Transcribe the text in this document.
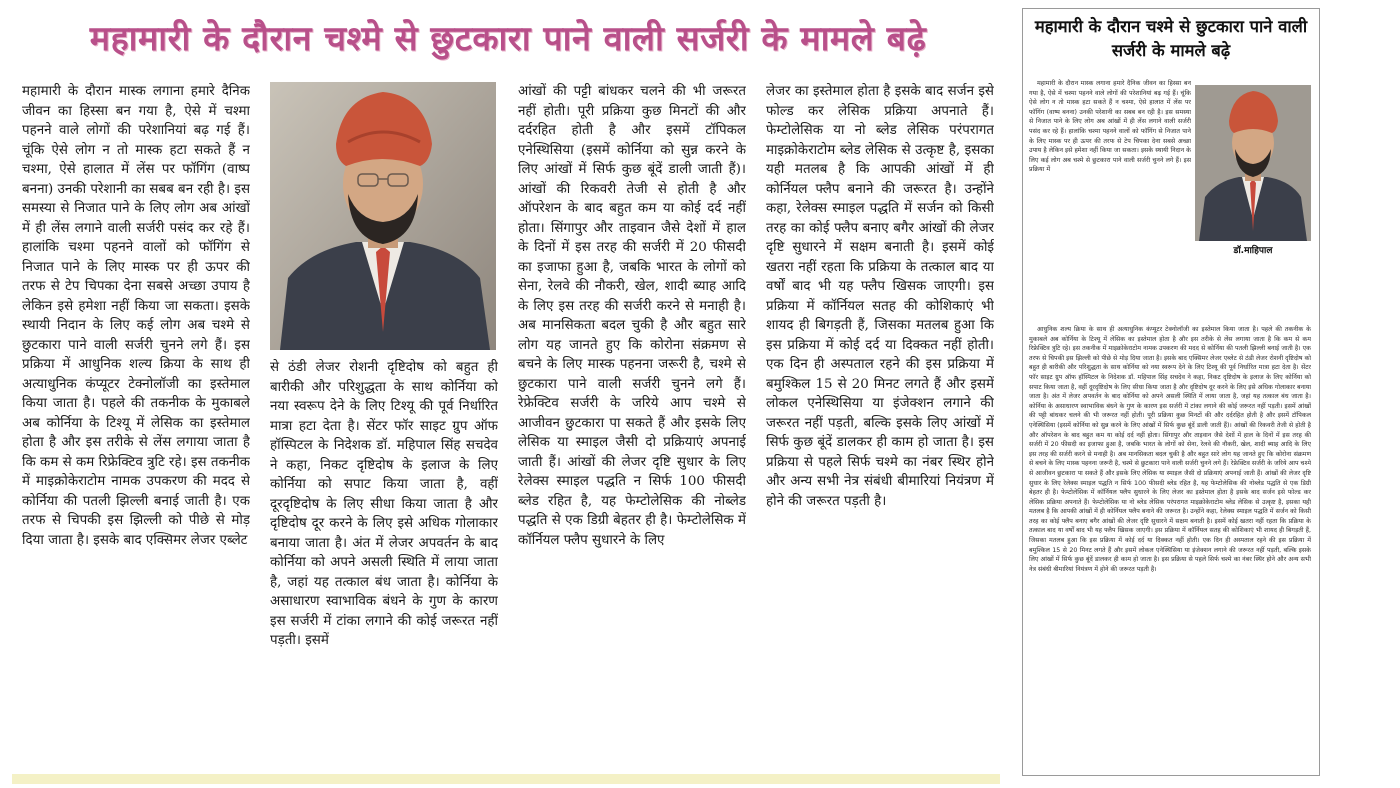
महामारी के दौरान चश्मे से छुटकारा पाने वाली सर्जरी के मामले बढ़े

महामारी के दौरान मास्क लगाना हमारे दैनिक जीवन का हिस्सा बन गया है, ऐसे में चश्मा पहनने वाले लोगों की परेशानियां बढ़ गई हैं। चूंकि ऐसे लोग न तो मास्क हटा सकते हैं न चश्मा, ऐसे हालात में लेंस पर फॉगिंग (वाष्प बनना) उनकी परेशानी का सबब बन रही है। इस समस्या से निजात पाने के लिए लोग अब आंखों में ही लेंस लगाने वाली सर्जरी पसंद कर रहे हैं। हालांकि चश्मा पहनने वालों को फॉगिंग से निजात पाने के लिए मास्क पर ही ऊपर की तरफ से टेप चिपका देना सबसे अच्छा उपाय है लेकिन इसे हमेशा नहीं किया जा सकता। इसके स्थायी निदान के लिए कई लोग अब चश्मे से छुटकारा पाने वाली सर्जरी चुनने लगे हैं। इस प्रक्रिया में आधुनिक शल्य क्रिया के साथ ही अत्याधुनिक कंप्यूटर टेक्नोलॉजी का इस्तेमाल किया जाता है। पहले की तकनीक के मुकाबले अब कोर्निया के टिश्यू में लेसिक का इस्तेमाल होता है और इस तरीके से लेंस लगाया जाता है कि कम से कम रिफ्रेक्टिव त्रुटि रहे। इस तकनीक में माइक्रोकेराटोम नामक उपकरण की मदद से कोर्निया की पतली झिल्ली बनाई जाती है। एक तरफ से चिपकी इस झिल्ली को पीछे से मोड़ दिया जाता है। इसके बाद एक्सिमर लेजर एब्लेट

से ठंडी लेजर रोशनी दृष्टिदोष को बहुत ही बारीकी और परिशुद्धता के साथ कोर्निया को नया स्वरूप देने के लिए टिश्यू की पूर्व निर्धारित मात्रा हटा देता है। सेंटर फॉर साइट ग्रुप ऑफ हॉस्पिटल के निदेशक डॉ. महिपाल सिंह सचदेव ने कहा, निकट दृष्टिदोष के इलाज के लिए कोर्निया को सपाट किया जाता है, वहीं दूरदृष्टिदोष के लिए सीधा किया जाता है और दृष्टिदोष दूर करने के लिए इसे अधिक गोलाकार बनाया जाता है। अंत में लेजर अपवर्तन के बाद कोर्निया को अपने असली स्थिति में लाया जाता है, जहां यह तत्काल बंध जाता है। कोर्निया के असाधारण स्वाभाविक बंधने के गुण के कारण इस सर्जरी में टांका लगाने की कोई जरूरत नहीं पड़ती। इसमें

आंखों की पट्टी बांधकर चलने की भी जरूरत नहीं होती। पूरी प्रक्रिया कुछ मिनटों की और दर्दरहित होती है और इसमें टॉपिकल एनेस्थिसिया (इसमें कोर्निया को सुन्न करने के लिए आंखों में सिर्फ कुछ बूंदें डाली जाती हैं)। आंखों की रिकवरी तेजी से होती है और ऑपरेशन के बाद बहुत कम या कोई दर्द नहीं होता। सिंगापुर और ताइवान जैसे देशों में हाल के दिनों में इस तरह की सर्जरी में 20 फीसदी का इजाफा हुआ है, जबकि भारत के लोगों को सेना, रेलवे की नौकरी, खेल, शादी ब्याह आदि के लिए इस तरह की सर्जरी करने से मनाही है। अब मानसिकता बदल चुकी है और बहुत सारे लोग यह जानते हुए कि कोरोना संक्रमण से बचने के लिए मास्क पहनना जरूरी है, चश्मे से छुटकारा पाने वाली सर्जरी चुनने लगे हैं। रेफ्रेक्टिव सर्जरी के जरिये आप चश्मे से आजीवन छुटकारा पा सकते हैं और इसके लिए लेसिक या स्माइल जैसी दो प्रक्रियाएं अपनाई जाती हैं। आंखों की लेजर दृष्टि सुधार के लिए रेलेक्स स्माइल पद्धति न सिर्फ 100 फीसदी ब्लेड रहित है, यह फेम्टोलेसिक की नोब्लेड पद्धति से एक डिग्री बेहतर ही है। फेम्टोलेसिक में कॉर्नियल फ्लैप सुधारने के लिए

लेजर का इस्तेमाल होता है इसके बाद सर्जन इसे फोल्ड कर लेसिक प्रक्रिया अपनाते हैं। फेम्टोलेसिक या नो ब्लेड लेसिक परंपरागत माइक्रोकेराटोम ब्लेड लेसिक से उत्कृष्ट है, इसका यही मतलब है कि आपकी आंखों में ही कोर्नियल फ्लैप बनाने की जरूरत है। उन्होंने कहा, रेलेक्स स्माइल पद्धति में सर्जन को किसी तरह का कोई फ्लैप बनाए बगैर आंखों की लेजर दृष्टि सुधारने में सक्षम बनाती है। इसमें कोई खतरा नहीं रहता कि प्रक्रिया के तत्काल बाद या वर्षों बाद भी यह फ्लैप खिसक जाएगी। इस प्रक्रिया में कॉर्नियल सतह की कोशिकाएं भी शायद ही बिगड़ती हैं, जिसका मतलब हुआ कि इस प्रक्रिया में कोई दर्द या दिक्कत नहीं होती। एक दिन ही अस्पताल रहने की इस प्रक्रिया में बमुश्किल 15 से 20 मिनट लगते हैं और इसमें लोकल एनेस्थिसिया या इंजेक्शन लगाने की जरूरत नहीं पड़ती, बल्कि इसके लिए आंखों में सिर्फ कुछ बूंदें डालकर ही काम हो जाता है। इस प्रक्रिया से पहले सिर्फ चश्मे का नंबर स्थिर होने और अन्य सभी नेत्र संबंधी बीमारियां नियंत्रण में होने की जरूरत पड़ती है।

महामारी के दौरान चश्मे से छुटकारा पाने वाली सर्जरी के मामले बढ़े

महामारी के दौरान मास्क लगाना हमारे दैनिक जीवन का हिस्सा बन गया है, ऐसे में चश्मा पहनने वाले लोगों की परेशानियां बढ़ गई हैं। चूंकि ऐसे लोग न तो मास्क हटा सकते हैं न चश्मा, ऐसे हालात में लेंस पर फॉगिंग (वाष्प बनना) उनकी परेशानी का सबब बन रही है। इस समस्या से निजात पाने के लिए लोग अब आंखों में ही लेंस लगाने वाली सर्जरी पसंद कर रहे हैं। हालांकि चश्मा पहनने वालों को फॉगिंग से निजात पाने के लिए मास्क पर ही ऊपर की तरफ से टेप चिपका देना सबसे अच्छा उपाय है लेकिन इसे हमेशा नहीं किया जा सकता। इसके स्थायी निदान के लिए कई लोग अब चश्मे से छुटकारा पाने वाली सर्जरी चुनने लगे हैं। इस प्रक्रिया में

डॉ.माहिपाल

आधुनिक शल्य क्रिया के साथ ही अत्याधुनिक कंप्यूटर टेक्नोलॉजी का इस्तेमाल किया जाता है। पहले की तकनीक के मुकाबले अब कोर्निया के टिश्यू में लेसिक का इस्तेमाल होता है और इस तरीके से लेंस लगाया जाता है कि कम से कम रिफ्रेक्टिव त्रुटि रहे। इस तकनीक में माइक्रोकेराटोम नामक उपकरण की मदद से कोर्निया की पतली झिल्ली बनाई जाती है। एक तरफ से चिपकी इस झिल्ली को पीछे से मोड़ दिया जाता है। इसके बाद एक्सिमर लेजर एब्लेट से ठंडी लेजर रोशनी दृष्टिदोष को बहुत ही बारीकी और परिशुद्धता के साथ कोर्निया को नया स्वरूप देने के लिए टिश्यू की पूर्व निर्धारित मात्रा हटा देता है। सेंटर फॉर साइट ग्रुप ऑफ हॉस्पिटल के निदेशक डॉ. महिपाल सिंह सचदेव ने कहा, निकट दृष्टिदोष के इलाज के लिए कोर्निया को सपाट किया जाता है, वहीं दूरदृष्टिदोष के लिए सीधा किया जाता है और दृष्टिदोष दूर करने के लिए इसे अधिक गोलाकार बनाया जाता है। अंत में लेजर अपवर्तन के बाद कोर्निया को अपने असली स्थिति में लाया जाता है, जहां यह तत्काल बंध जाता है। कोर्निया के असाधारण स्वाभाविक बंधने के गुण के कारण इस सर्जरी में टांका लगाने की कोई जरूरत नहीं पड़ती। इसमें आंखों की पट्टी बांधकर चलने की भी जरूरत नहीं होती। पूरी प्रक्रिया कुछ मिनटों की और दर्दरहित होती है और इसमें टॉपिकल एनेस्थिसिया (इसमें कोर्निया को सुन्न करने के लिए आंखों में सिर्फ कुछ बूंदें डाली जाती हैं)। आंखों की रिकवरी तेजी से होती है और ऑपरेशन के बाद बहुत कम या कोई दर्द नहीं होता। सिंगापुर और ताइवान जैसे देशों में हाल के दिनों में इस तरह की सर्जरी में 20 फीसदी का इजाफा हुआ है, जबकि भारत के लोगों को सेना, रेलवे की नौकरी, खेल, शादी ब्याह आदि के लिए इस तरह की सर्जरी करने से मनाही है। अब मानसिकता बदल चुकी है और बहुत सारे लोग यह जानते हुए कि कोरोना संक्रमण से बचने के लिए मास्क पहनना जरूरी है, चश्मे से छुटकारा पाने वाली सर्जरी चुनने लगे हैं। रेफ्रेक्टिव सर्जरी के जरिये आप चश्मे से आजीवन छुटकारा पा सकते हैं और इसके लिए लेसिक या स्माइल जैसी दो प्रक्रियाएं अपनाई जाती हैं। आंखों की लेजर दृष्टि सुधार के लिए रेलेक्स स्माइल पद्धति न सिर्फ 100 फीसदी ब्लेड रहित है, यह फेम्टोलेसिक की नोब्लेड पद्धति से एक डिग्री बेहतर ही है। फेम्टोलेसिक में कॉर्नियल फ्लैप सुधारने के लिए लेजर का इस्तेमाल होता है इसके बाद सर्जन इसे फोल्ड कर लेसिक प्रक्रिया अपनाते हैं। फेम्टोलेसिक या नो ब्लेड लेसिक परंपरागत माइक्रोकेराटोम ब्लेड लेसिक से उत्कृष्ट है, इसका यही मतलब है कि आपकी आंखों में ही कोर्नियल फ्लैप बनाने की जरूरत है। उन्होंने कहा, रेलेक्स स्माइल पद्धति में सर्जन को किसी तरह का कोई फ्लैप बनाए बगैर आंखों की लेजर दृष्टि सुधारने में सक्षम बनाती है। इसमें कोई खतरा नहीं रहता कि प्रक्रिया के तत्काल बाद या वर्षों बाद भी यह फ्लैप खिसक जाएगी। इस प्रक्रिया में कॉर्नियल सतह की कोशिकाएं भी शायद ही बिगड़ती हैं, जिसका मतलब हुआ कि इस प्रक्रिया में कोई दर्द या दिक्कत नहीं होती। एक दिन ही अस्पताल रहने की इस प्रक्रिया में बमुश्किल 15 से 20 मिनट लगते हैं और इसमें लोकल एनेस्थिसिया या इंजेक्शन लगाने की जरूरत नहीं पड़ती, बल्कि इसके लिए आंखों में सिर्फ कुछ बूंदें डालकर ही काम हो जाता है। इस प्रक्रिया से पहले सिर्फ चश्मे का नंबर स्थिर होने और अन्य सभी नेत्र संबंधी बीमारियां नियंत्रण में होने की जरूरत पड़ती है।
